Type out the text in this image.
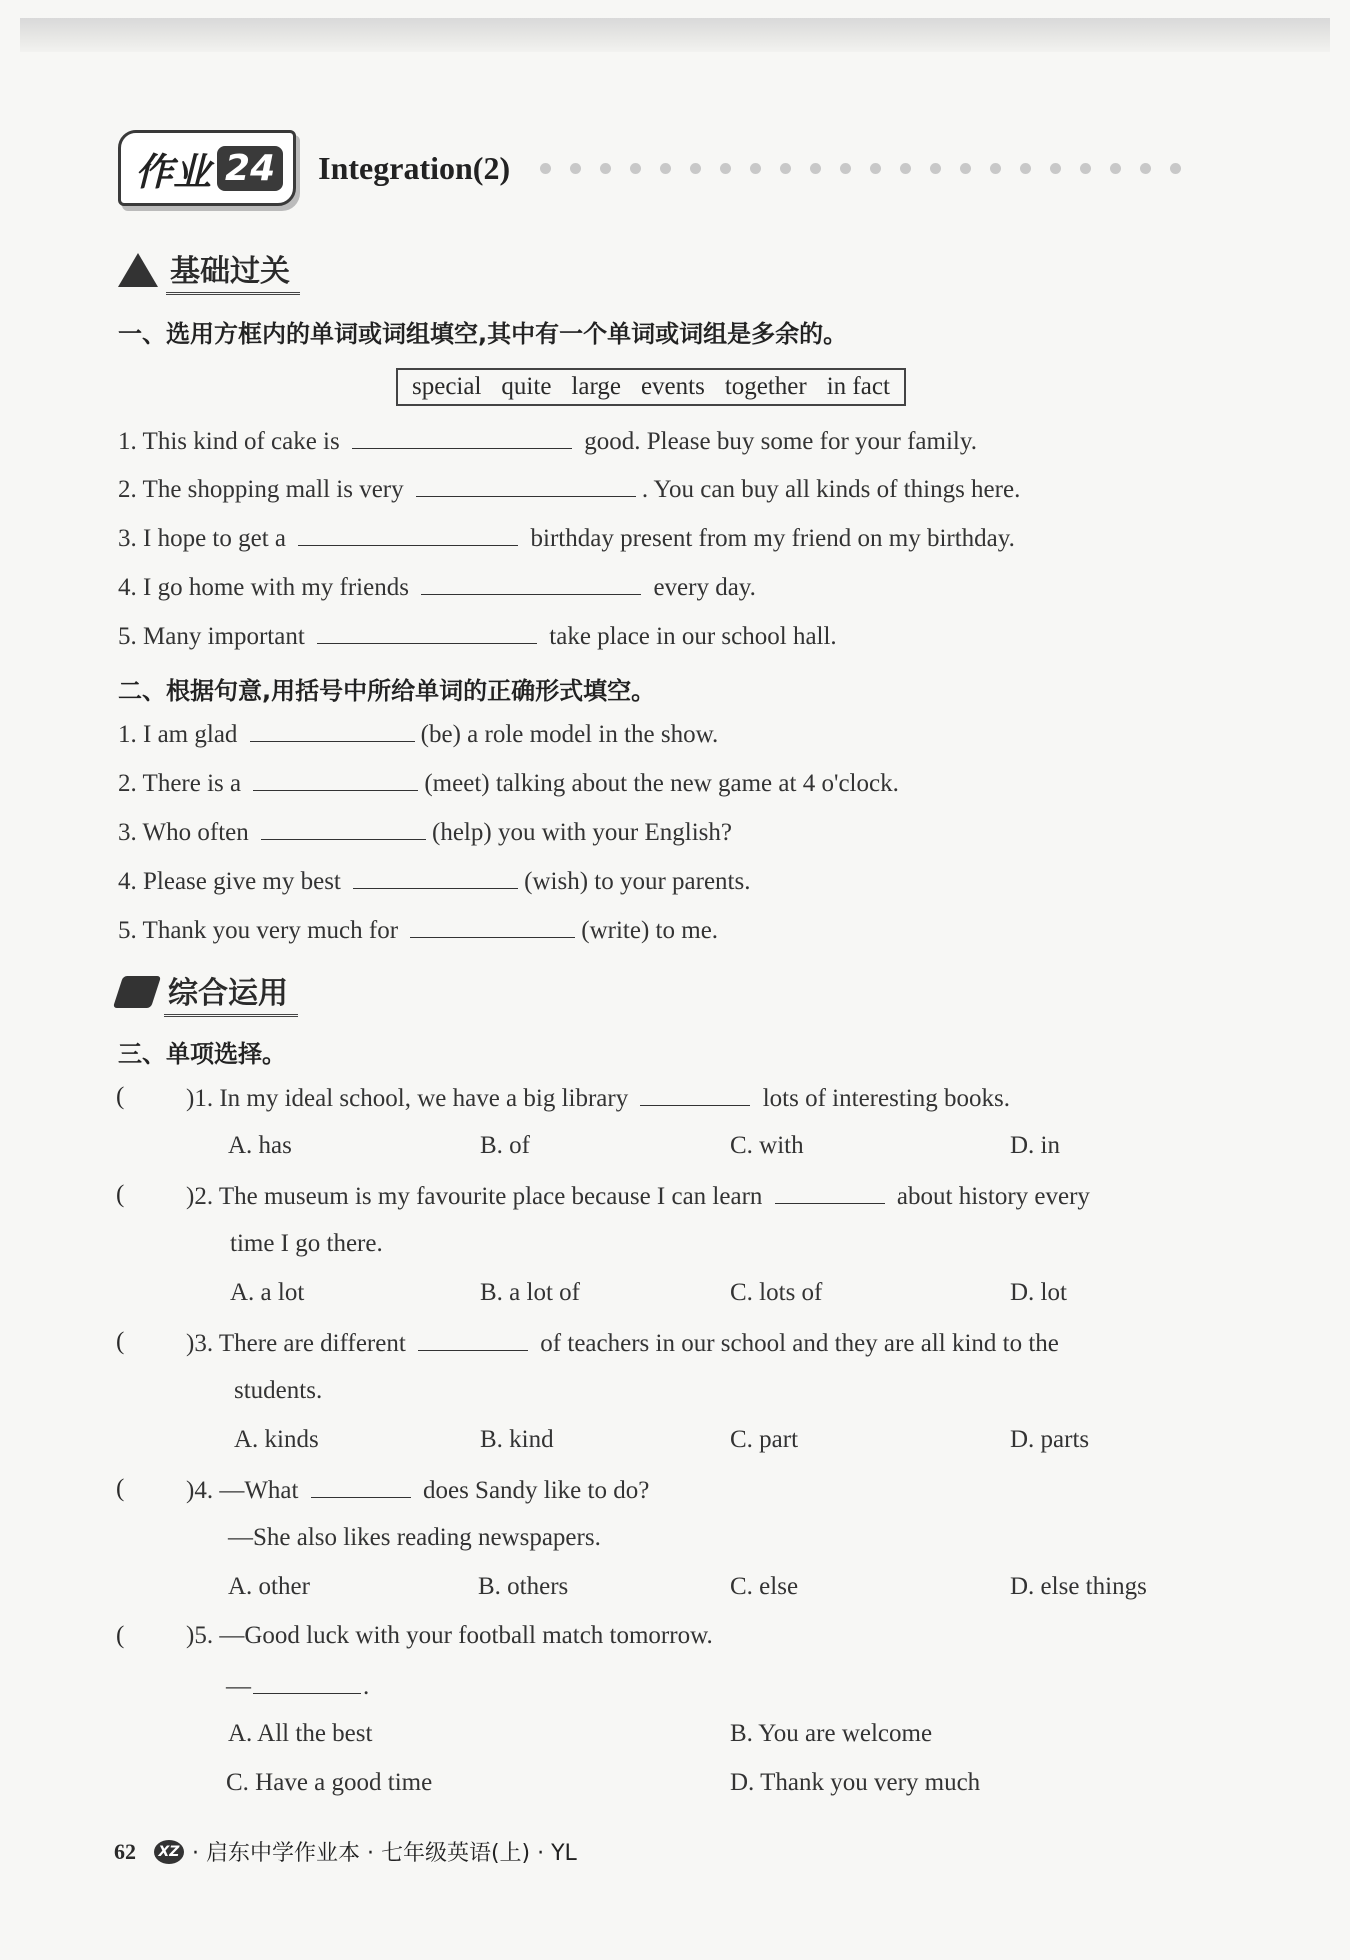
作业 24 Integration(2)
基础过关
一、选用方框内的单词或词组填空,其中有一个单词或词组是多余的。
special quite large events together in fact
1. This kind of cake is	good. Please buy some for your family.
2. The shopping mall is very	. You can buy all kinds of things here.
3. I hope to get a	birthday present from my friend on my birthday.
4. I go home with my friends	every day.
5. Many important	take place in our school hall.
二、根据句意,用括号中所给单词的正确形式填空。
1. I am glad	(be) a role model in the show.
2. There is a	(meet) talking about the new game at 4 o'clock.
3. Who often	(help) you with your English?
4. Please give my best	(wish) to your parents.
5. Thank you very much for	(write) to me.
综合运用
三、单项选择。
( )1. In my ideal school, we have a big library	lots of interesting books.
A. has	B. of	C. with	D. in
( )2. The museum is my favourite place because I can learn	about history every
time I go there.
A. a lot	B. a lot of	C. lots of	D. lot
( )3. There are different	of teachers in our school and they are all kind to the
students.
A. kinds	B. kind	C. part	D. parts
( )4. —What	does Sandy like to do?
—She also likes reading newspapers.
A. other	B. others	C. else	D. else things
( )5. —Good luck with your football match tomorrow.
—	.
A. All the best	B. You are welcome
C. Have a good time	D. Thank you very much
62	XZ · 启东中学作业本 · 七年级英语(上) · YL
